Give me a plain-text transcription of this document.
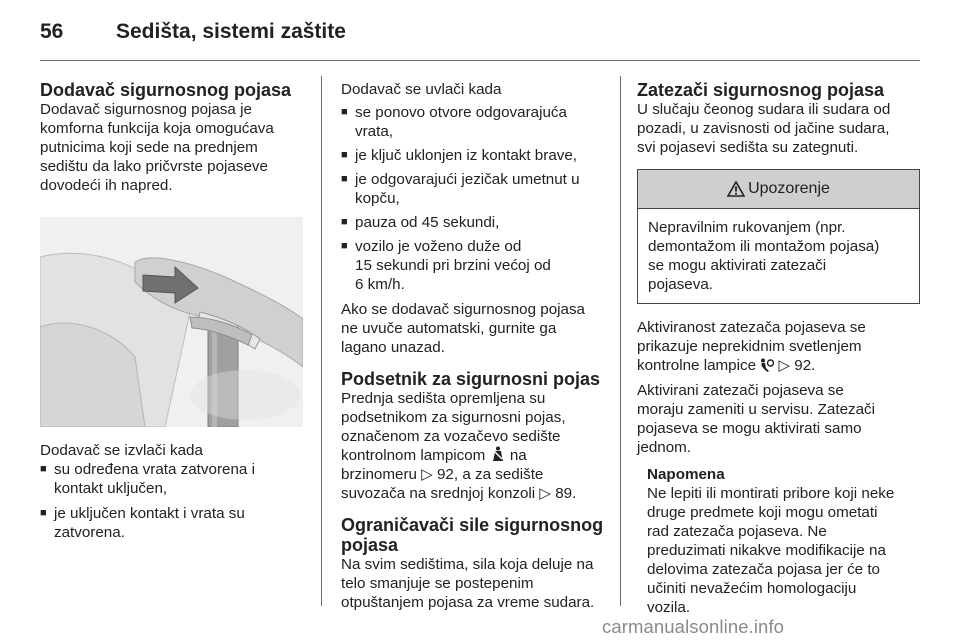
56	Sedišta, sistemi zaštite
Dodavač sigurnosnog pojasa

Dodavač sigurnosnog pojasa je
komforna funkcija koja omogućava
putnicima koji sede na prednjem
sedištu da lako pričvrste pojaseve
dovodeći ih napred.

Dodavač se izvlači kada

■ su određena vrata zatvorena i
kontakt uključen,
■ je uključen kontakt i vrata su
zatvorena.

Dodavač se uvlači kada

■ se ponovo otvore odgovarajuća
vrata,
■ je ključ uklonjen iz kontakt brave,
■ je odgovarajući jezičak umetnut u
kopču,
■ pauza od 45 sekundi,
■ vozilo je voženo duže od
15 sekundi pri brzini većoj od
6 km/h.

Ako se dodavač sigurnosnog pojasa
ne uvuče automatski, gurnite ga
lagano unazad.

Podsetnik za sigurnosni pojas
Prednja sedišta opremljena su
podsetnikom za sigurnosni pojas,
označenom za vozačevo sedište
kontrolnom lampicom na
brzinomeru ▷ 92, a za sedište
suvozača na srednjoj konzoli ▷ 89.
Ograničavači sile sigurnosnog
pojasa

Na svim sedištima, sila koja deluje na
telo smanjuje se postepenim
otpuštanjem pojasa za vreme sudara.

Zatezači sigurnosnog pojasa

U slučaju čeonog sudara ili sudara od
pozadi, u zavisnosti od jačine sudara,
svi pojasevi sedišta su zategnuti.

Upozorenje
Nepravilnim rukovanjem (npr.
demontažom ili montažom pojasa)
se mogu aktivirati zatezači
pojaseva.
Aktiviranost zatezača pojaseva se
prikazuje neprekidnim svetlenjem
kontrolne lampice ▷ 92.

Aktivirani zatezači pojaseva se
moraju zameniti u servisu. Zatezači
pojaseva se mogu aktivirati samo
jednom.

Napomena
Ne lepiti ili montirati pribore koji neke
druge predmete koji mogu ometati
rad zatezača pojaseva. Ne
preduzimati nikakve modifikacije na
delovima zatezača pojasa jer će to
učiniti nevažećim homologaciju
vozila.
carmanualsonline.info
